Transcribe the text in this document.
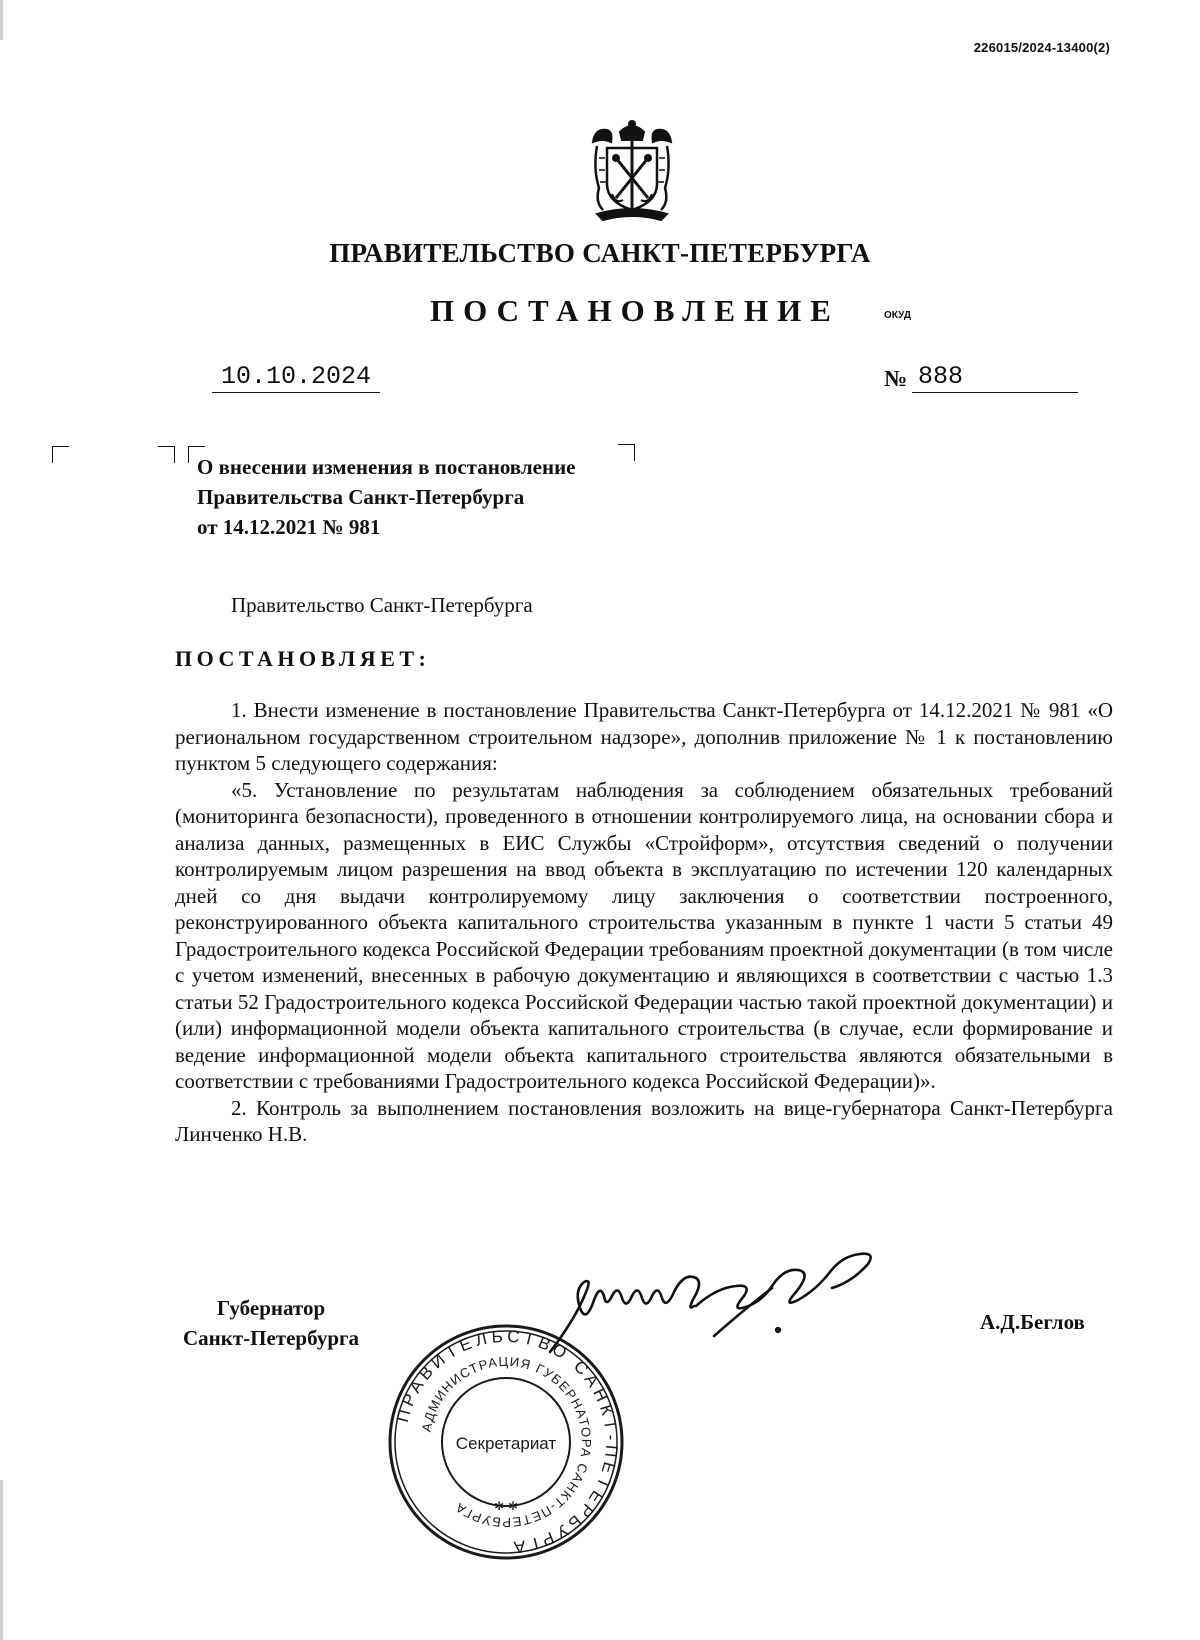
226015/2024-13400(2)
ПРАВИТЕЛЬСТВО САНКТ-ПЕТЕРБУРГА
ПОСТАНОВЛЕНИЕ	ОКУД
10.10.2024	№ 888
О внесении изменения в постановление
Правительства Санкт-Петербурга
от 14.12.2021 № 981
Правительство Санкт-Петербурга
ПОСТАНОВЛЯЕТ:

1. Внести изменение в постановление Правительства Санкт-Петербурга от 14.12.2021 № 981 «О региональном государственном строительном надзоре», дополнив приложение № 1 к постановлению пунктом 5 следующего содержания:

«5. Установление по результатам наблюдения за соблюдением обязательных требований (мониторинга безопасности), проведенного в отношении контролируемого лица, на основании сбора и анализа данных, размещенных в ЕИС Службы «Стройформ», отсутствия сведений о получении контролируемым лицом разрешения на ввод объекта в эксплуатацию по истечении 120 календарных дней со дня выдачи контролируемому лицу заключения о соответствии построенного, реконструированного объекта капитального строительства указанным в пункте 1 части 5 статьи 49 Градостроительного кодекса Российской Федерации требованиям проектной документации (в том числе с учетом изменений, внесенных в рабочую документацию и являющихся в соответствии с частью 1.3 статьи 52 Градостроительного кодекса Российской Федерации частью такой проектной документации) и (или) информационной модели объекта капитального строительства (в случае, если формирование и ведение информационной модели объекта капитального строительства являются обязательными в соответствии с требованиями Градостроительного кодекса Российской Федерации)».

2. Контроль за выполнением постановления возложить на вице-губернатора Санкт-Петербурга Линченко Н.В.

Губернатор
Санкт-Петербурга
А.Д.Беглов
ПРАВИТЕЛЬСТВО САНКТ-ПЕТЕРБУРГА
АДМИНИСТРАЦИЯ ГУБЕРНАТОРА САНКТ-ПЕТЕРБУРГА
Секретариат
✲ ✲
